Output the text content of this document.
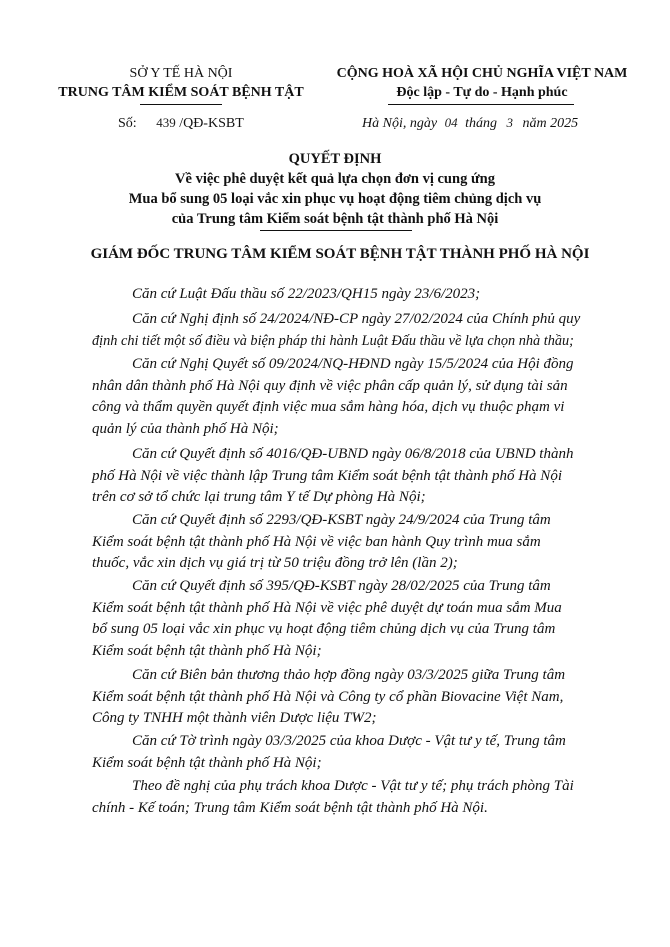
SỞ Y TẾ HÀ NỘI
TRUNG TÂM KIỂM SOÁT BỆNH TẬT
CỘNG HOÀ XÃ HỘI CHỦ NGHĨA VIỆT NAM
Độc lập - Tự do - Hạnh phúc
Số: 439 /QĐ-KSBT	Hà Nội, ngày 04 tháng 3 năm 2025
QUYẾT ĐỊNH
Về việc phê duyệt kết quả lựa chọn đơn vị cung ứng
Mua bổ sung 05 loại vắc xin phục vụ hoạt động tiêm chủng dịch vụ
của Trung tâm Kiểm soát bệnh tật thành phố Hà Nội
GIÁM ĐỐC TRUNG TÂM KIỂM SOÁT BỆNH TẬT THÀNH PHỐ HÀ NỘI
Căn cứ Luật Đấu thầu số 22/2023/QH15 ngày 23/6/2023;
Căn cứ Nghị định số 24/2024/NĐ-CP ngày 27/02/2024 của Chính phủ quy
định chi tiết một số điều và biện pháp thi hành Luật Đấu thầu về lựa chọn nhà thầu;
Căn cứ Nghị Quyết số 09/2024/NQ-HĐND ngày 15/5/2024 của Hội đồng
nhân dân thành phố Hà Nội quy định về việc phân cấp quản lý, sử dụng tài sản
công và thẩm quyền quyết định việc mua sắm hàng hóa, dịch vụ thuộc phạm vi
quản lý của thành phố Hà Nội;
Căn cứ Quyết định số 4016/QĐ-UBND ngày 06/8/2018 của UBND thành
phố Hà Nội về việc thành lập Trung tâm Kiểm soát bệnh tật thành phố Hà Nội
trên cơ sở tổ chức lại trung tâm Y tế Dự phòng Hà Nội;
Căn cứ Quyết định số 2293/QĐ-KSBT ngày 24/9/2024 của Trung tâm
Kiểm soát bệnh tật thành phố Hà Nội về việc ban hành Quy trình mua sắm
thuốc, vắc xin dịch vụ giá trị từ 50 triệu đồng trở lên (lần 2);
Căn cứ Quyết định số 395/QĐ-KSBT ngày 28/02/2025 của Trung tâm
Kiểm soát bệnh tật thành phố Hà Nội về việc phê duyệt dự toán mua sắm Mua
bổ sung 05 loại vắc xin phục vụ hoạt động tiêm chủng dịch vụ của Trung tâm
Kiểm soát bệnh tật thành phố Hà Nội;
Căn cứ Biên bản thương thảo hợp đồng ngày 03/3/2025 giữa Trung tâm
Kiểm soát bệnh tật thành phố Hà Nội và Công ty cổ phần Biovacine Việt Nam,
Công ty TNHH một thành viên Dược liệu TW2;
Căn cứ Tờ trình ngày 03/3/2025 của khoa Dược - Vật tư y tế, Trung tâm
Kiểm soát bệnh tật thành phố Hà Nội;
Theo đề nghị của phụ trách khoa Dược - Vật tư y tế; phụ trách phòng Tài
chính - Kế toán; Trung tâm Kiểm soát bệnh tật thành phố Hà Nội.
